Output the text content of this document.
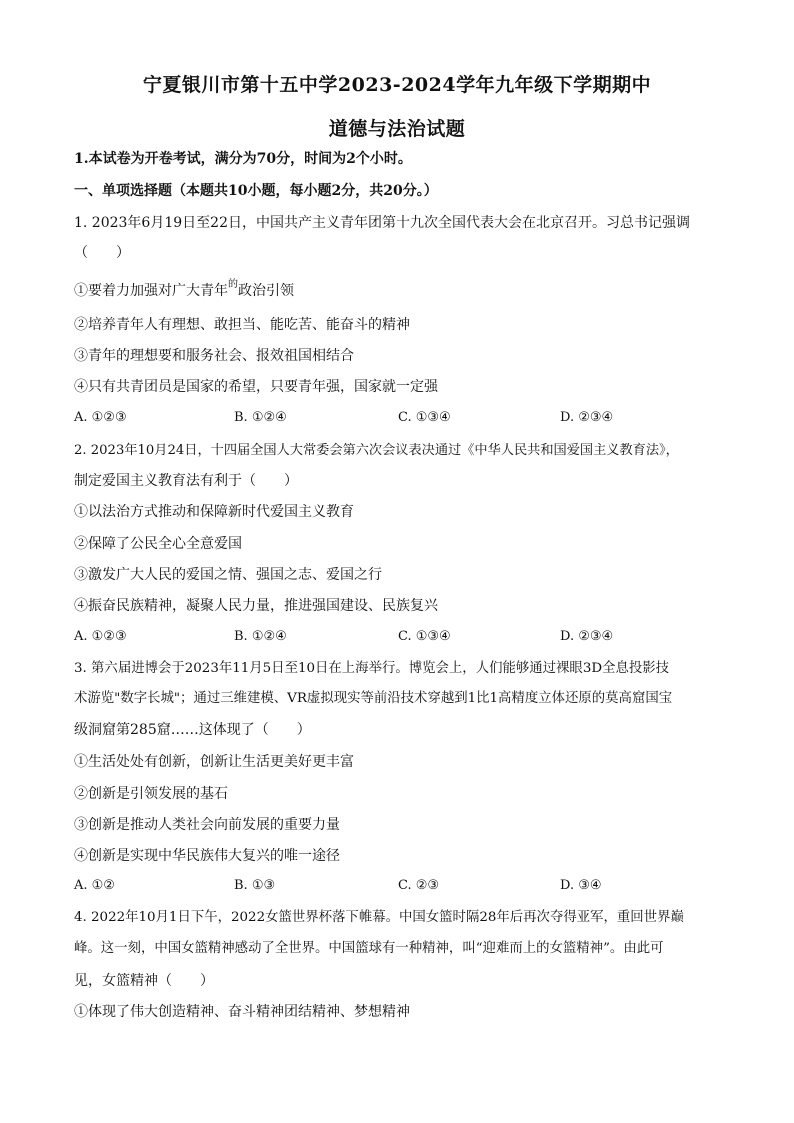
宁夏银川市第十五中学2023-2024学年九年级下学期期中
道德与法治试题
1.本试卷为开卷考试，满分为70分，时间为2个小时。
一、单项选择题（本题共10小题，每小题2分，共20分。）
1. 2023年6月19日至22日，中国共产主义青年团第十九次全国代表大会在北京召开。习总书记强调
（　　）
①要着力加强对广大青年$^的$政治引领
②培养青年人有理想、敢担当、能吃苦、能奋斗的精神
③青年的理想要和服务社会、报效祖国相结合
④只有共青团员是国家的希望，只要青年强，国家就一定强
A. ①②③	B. ①②④	C. ①③④	D. ②③④
2. 2023年10月24日，十四届全国人大常委会第六次会议表决通过《中华人民共和国爱国主义教育法》，
制定爱国主义教育法有利于（　　）
①以法治方式推动和保障新时代爱国主义教育
②保障了公民全心全意爱国
③激发广大人民的爱国之情、强国之志、爱国之行
④振奋民族精神，凝聚人民力量，推进强国建设、民族复兴
A. ①②③	B. ①②④	C. ①③④	D. ②③④
3. 第六届进博会于2023年11月5日至10日在上海举行。博览会上，人们能够通过裸眼3D全息投影技
术游览"数字长城"；通过三维建模、VR虚拟现实等前沿技术穿越到1比1高精度立体还原的莫高窟国宝
级洞窟第285窟……这体现了（　　）
①生活处处有创新，创新让生活更美好更丰富
②创新是引领发展的基石
③创新是推动人类社会向前发展的重要力量
④创新是实现中华民族伟大复兴的唯一途径
A. ①②	B. ①③	C. ②③	D. ③④
4. 2022年10月1日下午，2022女篮世界杯落下帷幕。中国女篮时隔28年后再次夺得亚军，重回世界巅
峰。这一刻，中国女篮精神感动了全世界。中国篮球有一种精神，叫“迎难而上的女篮精神”。由此可
见，女篮精神（　　）
①体现了伟大创造精神、奋斗精神团结精神、梦想精神
